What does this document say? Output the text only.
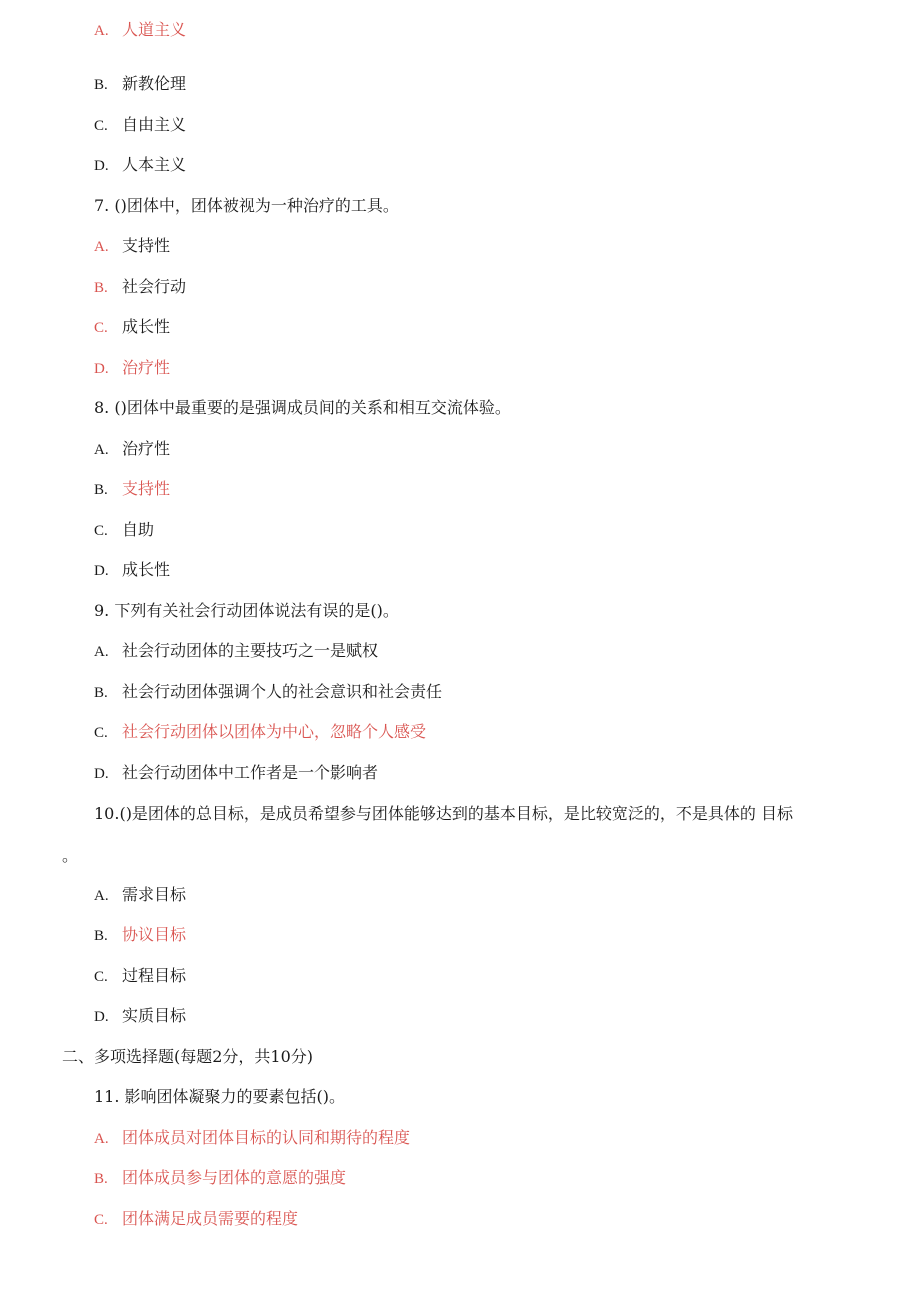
A. 人道主义
B. 新教伦理
C. 自由主义
D. 人本主义
7. ()团体中，团体被视为一种治疗的工具。
A. 支持性
B. 社会行动
C. 成长性
D. 治疗性
8. ()团体中最重要的是强调成员间的关系和相互交流体验。
A. 治疗性
B. 支持性
C. 自助
D. 成长性
9. 下列有关社会行动团体说法有误的是()。
A. 社会行动团体的主要技巧之一是赋权
B. 社会行动团体强调个人的社会意识和社会责任
C. 社会行动团体以团体为中心，忽略个人感受
D. 社会行动团体中工作者是一个影响者
10.()是团体的总目标，是成员希望参与团体能够达到的基本目标，是比较宽泛的，不是具体的 目标
。
A. 需求目标
B. 协议目标
C. 过程目标
D. 实质目标
二、多项选择题(每题2分，共10分)
11. 影响团体凝聚力的要素包括()。
A. 团体成员对团体目标的认同和期待的程度
B. 团体成员参与团体的意愿的强度
C. 团体满足成员需要的程度
